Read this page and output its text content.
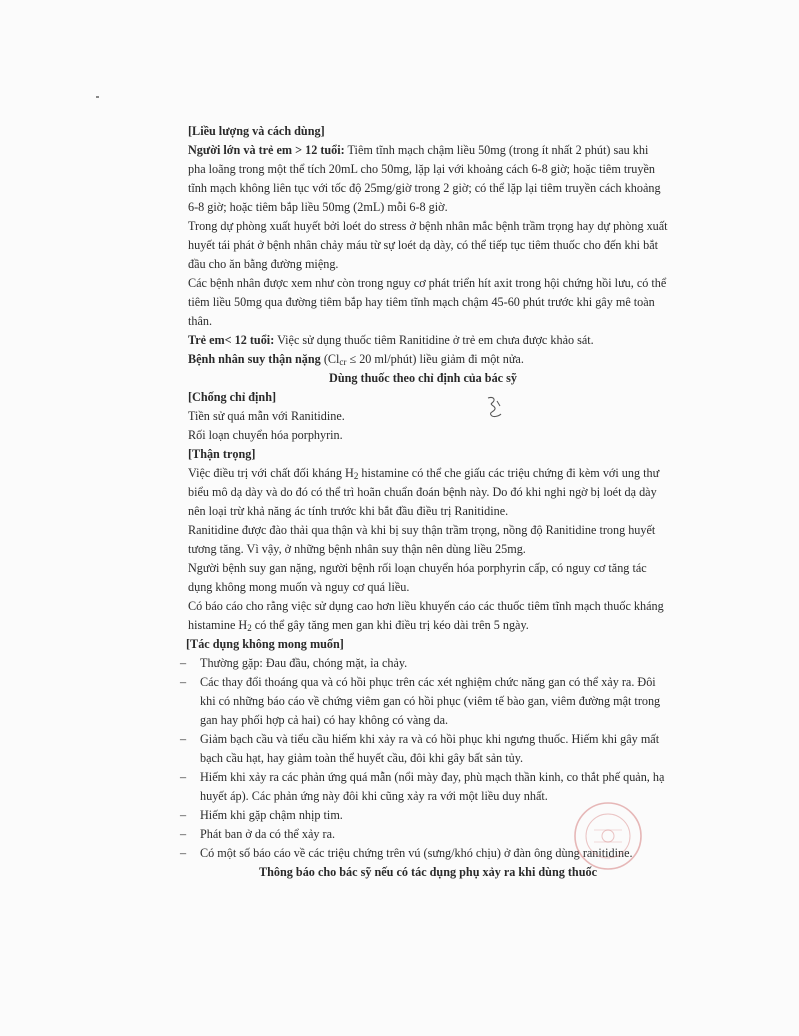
[Liều lượng và cách dùng]

Người lớn và trẻ em > 12 tuổi: Tiêm tĩnh mạch chậm liều 50mg (trong ít nhất 2 phút) sau khi pha loãng trong một thể tích 20mL cho 50mg, lặp lại với khoảng cách 6-8 giờ; hoặc tiêm truyền tĩnh mạch không liên tục với tốc độ 25mg/giờ trong 2 giờ; có thể lặp lại tiêm truyền cách khoảng 6-8 giờ; hoặc tiêm bắp liều 50mg (2mL) mỗi 6-8 giờ.

Trong dự phòng xuất huyết bởi loét do stress ở bệnh nhân mắc bệnh trầm trọng hay dự phòng xuất huyết tái phát ở bệnh nhân chảy máu từ sự loét dạ dày, có thể tiếp tục tiêm thuốc cho đến khi bắt đầu cho ăn bằng đường miệng.

Các bệnh nhân được xem như còn trong nguy cơ phát triển hít axit trong hội chứng hồi lưu, có thể tiêm liều 50mg qua đường tiêm bắp hay tiêm tĩnh mạch chậm 45-60 phút trước khi gây mê toàn thân.

Trẻ em< 12 tuổi: Việc sử dụng thuốc tiêm Ranitidine ở trẻ em chưa được khảo sát.

Bệnh nhân suy thận nặng ($Cl_{cr} \le 20$ ml/phút) liều giảm đi một nửa.

Dùng thuốc theo chỉ định của bác sỹ
[Chống chỉ định]
Tiền sử quá mẫn với Ranitidine.
Rối loạn chuyển hóa porphyrin.
[Thận trọng]

Việc điều trị với chất đối kháng $H_2$ histamine có thể che giấu các triệu chứng đi kèm với ung thư biểu mô dạ dày và do đó có thể trì hoãn chuẩn đoán bệnh này. Do đó khi nghi ngờ bị loét dạ dày nên loại trừ khả năng ác tính trước khi bắt đầu điều trị Ranitidine.

Ranitidine được đào thải qua thận và khi bị suy thận trầm trọng, nồng độ Ranitidine trong huyết tương tăng. Vì vậy, ở những bệnh nhân suy thận nên dùng liều 25mg.

Người bệnh suy gan nặng, người bệnh rối loạn chuyển hóa porphyrin cấp, có nguy cơ tăng tác dụng không mong muốn và nguy cơ quá liều.

Có báo cáo cho rằng việc sử dụng cao hơn liều khuyến cáo các thuốc tiêm tĩnh mạch thuốc kháng histamine $H_2$ có thể gây tăng men gan khi điều trị kéo dài trên 5 ngày.

[Tác dụng không mong muốn]
– Thường gặp: Đau đầu, chóng mặt, ỉa chảy.
– Các thay đổi thoáng qua và có hồi phục trên các xét nghiệm chức năng gan có thể xảy ra. Đôi khi có những báo cáo về chứng viêm gan có hồi phục (viêm tế bào gan, viêm đường mật trong gan hay phối hợp cả hai) có hay không có vàng da.
– Giảm bạch cầu và tiểu cầu hiếm khi xảy ra và có hồi phục khi ngưng thuốc. Hiếm khi gây mất bạch cầu hạt, hay giảm toàn thể huyết cầu, đôi khi gây bất sản tủy.
– Hiếm khi xảy ra các phản ứng quá mẫn (nổi mày đay, phù mạch thần kinh, co thắt phế quản, hạ huyết áp). Các phản ứng này đôi khi cũng xảy ra với một liều duy nhất.
– Hiếm khi gặp chậm nhịp tim.
– Phát ban ở da có thể xảy ra.
– Có một số báo cáo về các triệu chứng trên vú (sưng/khó chịu) ở đàn ông dùng ranitidine.
Thông báo cho bác sỹ nếu có tác dụng phụ xảy ra khi dùng thuốc
